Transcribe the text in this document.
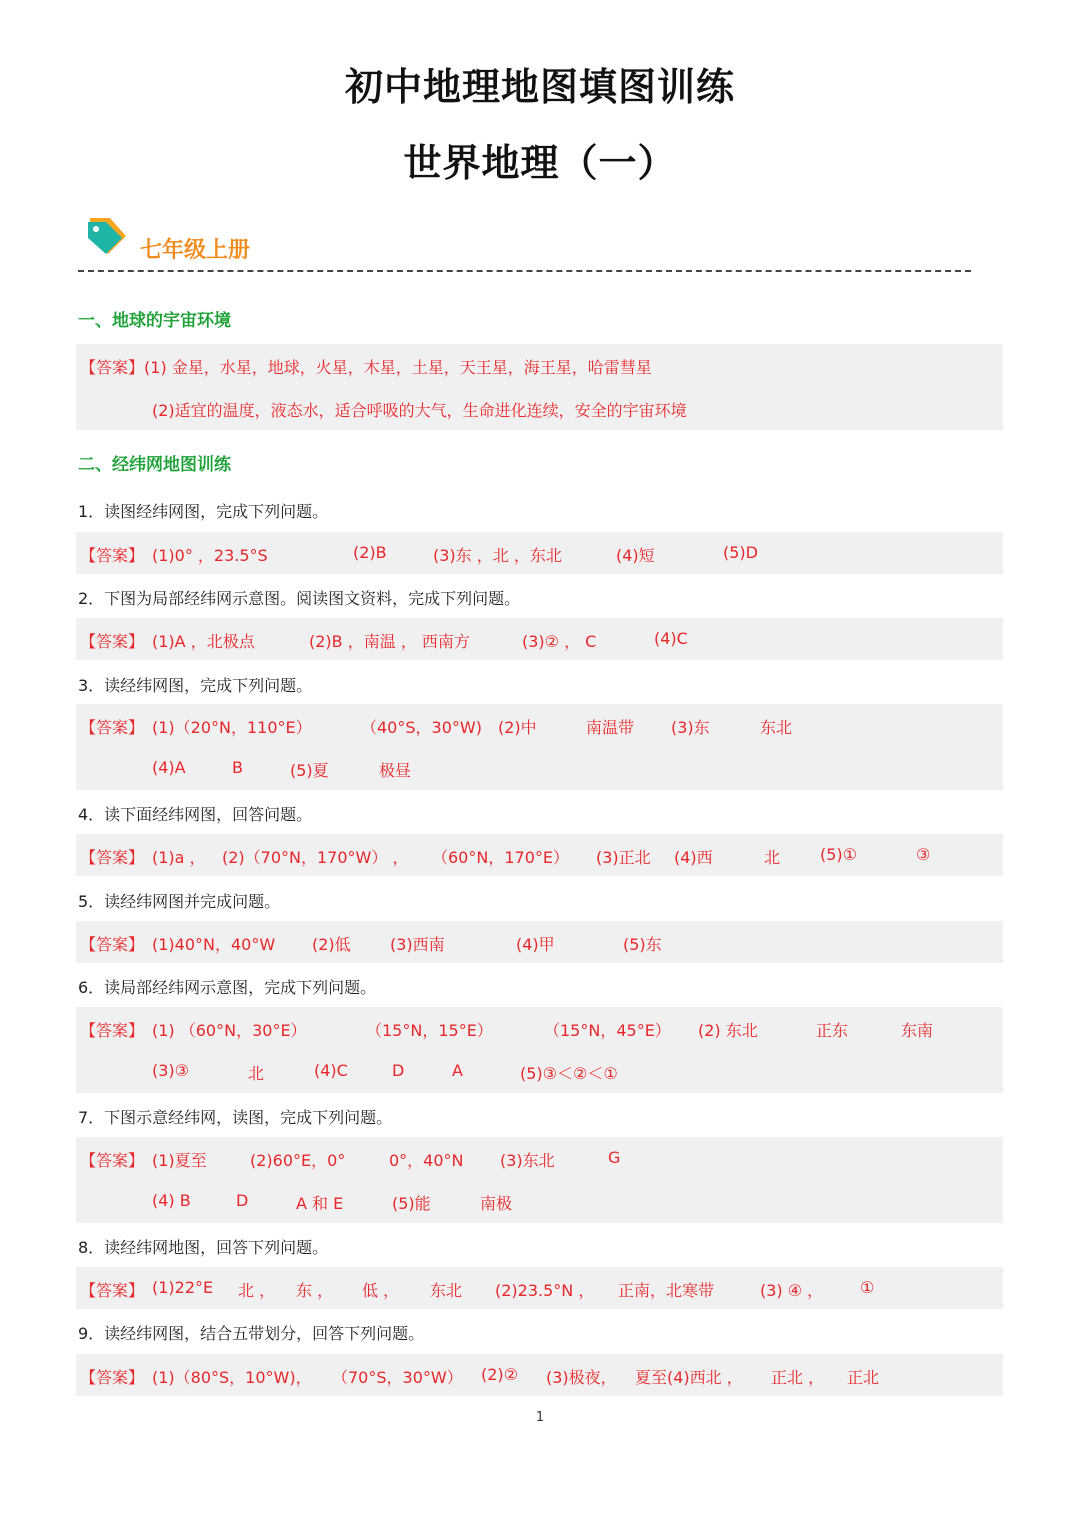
初中地理地图填图训练
世界地理（一）
七年级上册
一、地球的宇宙环境
【答案】(1) 金星，水星，地球，火星，木星，土星，天王星，海王星，哈雷彗星
(2)适宜的温度，液态水，适合呼吸的大气，生命进化连续，安全的宇宙环境
二、经纬网地图训练
1．读图经纬网图，完成下列问题。
【答案】 (1)0° ，23.5°S	(2)B	(3)东 ，北 ，东北	(4)短	(5)D
2．下图为局部经纬网示意图。阅读图文资料，完成下列问题。
【答案】 (1)A ，北极点	(2)B ，南温 ， 西南方	(3)② ， C	(4)C
3．读经纬网图，完成下列问题。
【答案】 (1)（20°N，110°E）	（40°S，30°W) (2)中	南温带 (3)东	东北
(4)A	B	(5)夏	极昼
4．读下面经纬网图，回答问题。
【答案】 (1)a ， (2)（70°N，170°W） ， （60°N，170°E） (3)正北 (4)西	北 (5)①	③
5．读经纬网图并完成问题。
【答案】 (1)40°N，40°W (2)低 (3)西南	(4)甲	(5)东
6．读局部经纬网示意图，完成下列问题。
【答案】 (1) （60°N，30°E）	（15°N，15°E）	（15°N，45°E） (2) 东北	正东	东南
(3)③	北	(4)C	D	A	(5)③＜②＜①
7．下图示意经纬网，读图，完成下列问题。
【答案】 (1)夏至	(2)60°E，0°	0°，40°N (3)东北	G
(4) B	D	A 和 E	(5)能	南极
8．读经纬网地图，回答下列问题。
【答案】 (1)22°E 北 ， 东 ， 低 ， 东北 (2)23.5°N ， 正南，北寒带	(3) ④ ， ①
9．读经纬网图，结合五带划分，回答下列问题。
【答案】 (1)（80°S，10°W)， （70°S，30°W） (2)② (3)极夜， 夏至(4)西北 ， 正北 ， 正北
1
